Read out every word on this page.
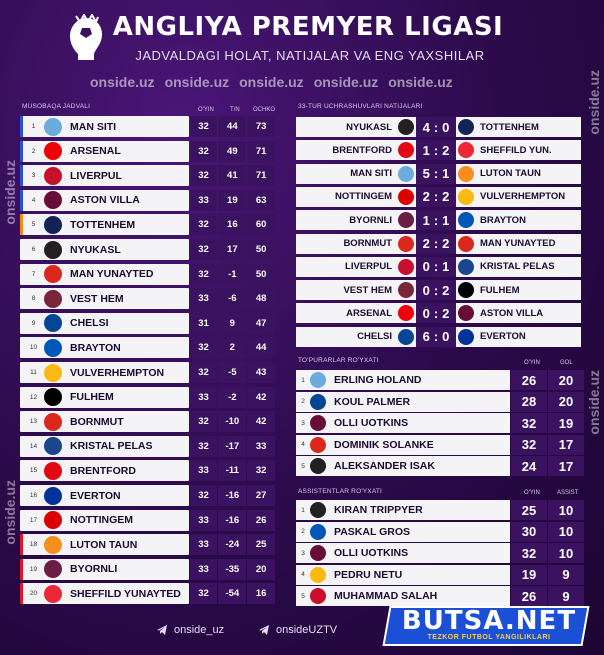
ANGLIYA PREMYER LIGASI
JADVALDAGI HOLAT, NATIJALAR VA ENG YAXSHILAR
onside.uz onside.uz onside.uz onside.uz onside.uz
onside.uz
onside.uz
onside.uz
onside.uz
MUSOBAQA JADVALI	O'YIN	T/N OCHKO
1	MAN SITI	32	44	73
2	ARSENAL	32	49	71
3	LIVERPUL	32	41	71
4	ASTON VILLA	33	19	63
5	TOTTENHEM	32	16	60
6	NYUKASL	32	17	50
7	MAN YUNAYTED	32	-1	50
8	VEST HEM	33	-6	48
9	CHELSI	31	9	47
10	BRAYTON	32	2	44
11	VULVERHEMPTON	32	-5	43
12	FULHEM	33	-2	42
13	BORNMUT	32	-10	42
14	KRISTAL PELAS	32	-17	33
15	BRENTFORD	33	-11	32
16	EVERTON	32	-16	27
17	NOTTINGEM	33	-16	26
18	LUTON TAUN	33	-24	25
19	BYORNLI	33	-35	20
20	SHEFFILD YUNAYTED	32	-54	16
33-TUR UCHRASHUVLARI NATIJALARI
NYUKASL	4 : 0	TOTTENHEM
BRENTFORD	1 : 2	SHEFFILD YUN.
MAN SITI	5 : 1	LUTON TAUN
NOTTINGEM	2 : 2	VULVERHEMPTON
BYORNLI	1 : 1	BRAYTON
BORNMUT	2 : 2	MAN YUNAYTED
LIVERPUL	0 : 1	KRISTAL PELAS
VEST HEM	0 : 2	FULHEM
ARSENAL	0 : 2	ASTON VILLA
CHELSI	6 : 0	EVERTON
TO'PURARLAR RO'YXATI	O'YIN	GOL
1	ERLING HOLAND	26	20
2	KOUL PALMER	28	20
3	OLLI UOTKINS	32	19
4	DOMINIK SOLANKE	32	17
5	ALEKSANDER ISAK	24	17
ASSISTENTLAR RO'YXATI	O'YIN	ASSIST
1	KIRAN TRIPPYER	25	10
2	PASKAL GROS	30	10
3	OLLI UOTKINS	32	10
4	PEDRU NETU	19	9
5	MUHAMMAD SALAH	26	9
onside_uz	onsideUZTV	BUTSA.NET
TEZKOR FUTBOL YANGILIKLARI
